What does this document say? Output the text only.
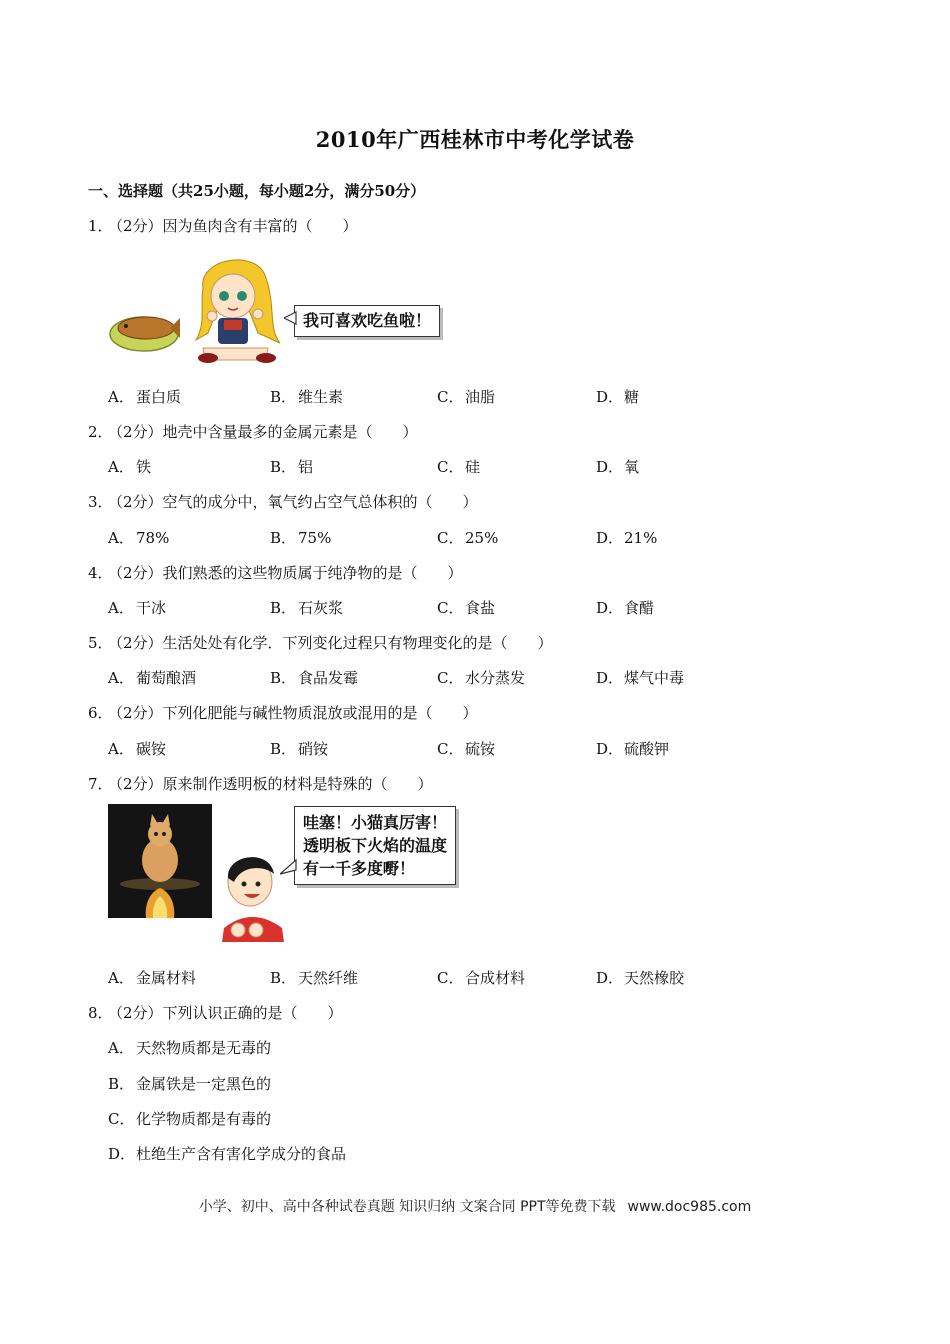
2010年广西桂林市中考化学试卷
一、选择题（共25小题，每小题2分，满分50分）
1．（2分）因为鱼肉含有丰富的（　　）
我可喜欢吃鱼啦！
A． 蛋白质	B． 维生素	C． 油脂	D．糖
2．（2分）地壳中含量最多的金属元素是（　　）
A． 铁	B． 铝	C． 硅	D．氧
3．（2分）空气的成分中，氧气约占空气总体积的（　　）
A． 78%	B． 75%	C． 25%	D．21%
4．（2分）我们熟悉的这些物质属于纯净物的是（　　）
A． 干冰	B． 石灰浆	C． 食盐	D．食醋
5．（2分）生活处处有化学．下列变化过程只有物理变化的是（　　）
A． 葡萄酿酒	B． 食品发霉	C． 水分蒸发	D．煤气中毒
6．（2分）下列化肥能与碱性物质混放或混用的是（　　）
A． 碳铵	B． 硝铵	C． 硫铵	D．硫酸钾
7．（2分）原来制作透明板的材料是特殊的（　　）
哇塞！小猫真厉害！
透明板下火焰的温度
有一千多度嘢！
A． 金属材料	B． 天然纤维	C． 合成材料	D．天然橡胶
8．（2分）下列认识正确的是（　　）
A． 天然物质都是无毒的
B． 金属铁是一定黑色的
C． 化学物质都是有毒的
D．杜绝生产含有害化学成分的食品
小学、初中、高中各种试卷真题 知识归纳 文案合同 PPT等免费下载 www.doc985.com
